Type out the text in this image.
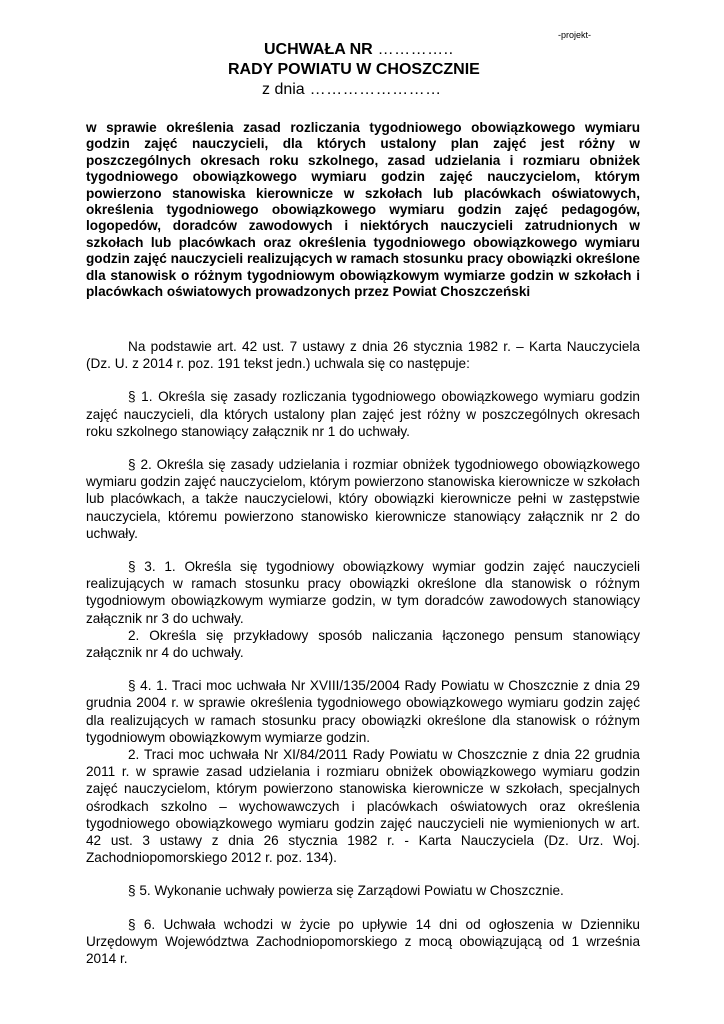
-projekt-
UCHWAŁA NR …………..
RADY POWIATU W CHOSZCZNIE
z dnia ……………………
w sprawie określenia zasad rozliczania tygodniowego obowiązkowego wymiaru godzin zajęć nauczycieli, dla których ustalony plan zajęć jest różny w poszczególnych okresach roku szkolnego, zasad udzielania i rozmiaru obniżek tygodniowego obowiązkowego wymiaru godzin zajęć nauczycielom, którym powierzono stanowiska kierownicze w szkołach lub placówkach oświatowych, określenia tygodniowego obowiązkowego wymiaru godzin zajęć pedagogów, logopedów, doradców zawodowych i niektórych nauczycieli zatrudnionych w szkołach lub placówkach oraz określenia tygodniowego obowiązkowego wymiaru godzin zajęć nauczycieli realizujących w ramach stosunku pracy obowiązki określone dla stanowisk o różnym tygodniowym obowiązkowym wymiarze godzin w szkołach i placówkach oświatowych prowadzonych przez Powiat Choszczeński

Na podstawie art. 42 ust. 7 ustawy z dnia 26 stycznia 1982 r. – Karta Nauczyciela (Dz. U. z 2014 r. poz. 191 tekst jedn.) uchwala się co następuje:

§ 1. Określa się zasady rozliczania tygodniowego obowiązkowego wymiaru godzin zajęć nauczycieli, dla których ustalony plan zajęć jest różny w poszczególnych okresach roku szkolnego stanowiący załącznik nr 1 do uchwały.

§ 2. Określa się zasady udzielania i rozmiar obniżek tygodniowego obowiązkowego wymiaru godzin zajęć nauczycielom, którym powierzono stanowiska kierownicze w szkołach lub placówkach, a także nauczycielowi, który obowiązki kierownicze pełni w zastępstwie nauczyciela, któremu powierzono stanowisko kierownicze stanowiący załącznik nr 2 do uchwały.

§ 3. 1. Określa się tygodniowy obowiązkowy wymiar godzin zajęć nauczycieli realizujących w ramach stosunku pracy obowiązki określone dla stanowisk o różnym tygodniowym obowiązkowym wymiarze godzin, w tym doradców zawodowych stanowiący załącznik nr 3 do uchwały.

2. Określa się przykładowy sposób naliczania łączonego pensum stanowiący załącznik nr 4 do uchwały.

§ 4. 1. Traci moc uchwała Nr XVIII/135/2004 Rady Powiatu w Choszcznie z dnia 29 grudnia 2004 r. w sprawie określenia tygodniowego obowiązkowego wymiaru godzin zajęć dla realizujących w ramach stosunku pracy obowiązki określone dla stanowisk o różnym tygodniowym obowiązkowym wymiarze godzin.

2. Traci moc uchwała Nr XI/84/2011 Rady Powiatu w Choszcznie z dnia 22 grudnia 2011 r. w sprawie zasad udzielania i rozmiaru obniżek obowiązkowego wymiaru godzin zajęć nauczycielom, którym powierzono stanowiska kierownicze w szkołach, specjalnych ośrodkach szkolno – wychowawczych i placówkach oświatowych oraz określenia tygodniowego obowiązkowego wymiaru godzin zajęć nauczycieli nie wymienionych w art. 42 ust. 3 ustawy z dnia 26 stycznia 1982 r. - Karta Nauczyciela (Dz. Urz. Woj. Zachodniopomorskiego 2012 r. poz. 134).

§ 5. Wykonanie uchwały powierza się Zarządowi Powiatu w Choszcznie.

§ 6. Uchwała wchodzi w życie po upływie 14 dni od ogłoszenia w Dzienniku Urzędowym Województwa Zachodniopomorskiego z mocą obowiązującą od 1 września 2014 r.
